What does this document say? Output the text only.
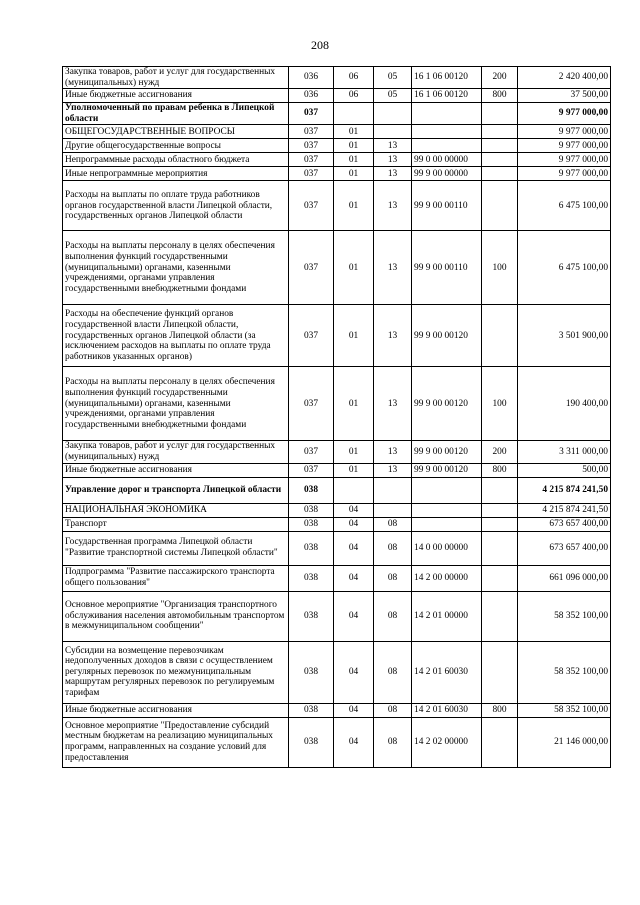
208
Закупка товаров, работ и услуг для государственных (муниципальных) нужд	036	06	05	16 1 06 00120	200	2 420 400,00
Иные бюджетные ассигнования	036	06	05	16 1 06 00120	800	37 500,00
Уполномоченный по правам ребенка в Липецкой области	037					9 977 000,00
ОБЩЕГОСУДАРСТВЕННЫЕ ВОПРОСЫ	037	01				9 977 000,00
Другие общегосударственные вопросы	037	01	13			9 977 000,00
Непрограммные расходы областного бюджета	037	01	13	99 0 00 00000		9 977 000,00
Иные непрограммные мероприятия	037	01	13	99 9 00 00000		9 977 000,00
Расходы на выплаты по оплате труда работников органов государственной власти Липецкой области, государственных органов Липецкой области	037	01	13	99 9 00 00110		6 475 100,00
Расходы на выплаты персоналу в целях обеспечения выполнения функций государственными (муниципальными) органами, казенными учреждениями, органами управления государственными внебюджетными фондами	037	01	13	99 9 00 00110	100	6 475 100,00
Расходы на обеспечение функций органов государственной власти Липецкой области, государственных органов Липецкой области (за исключением расходов на выплаты по оплате труда работников указанных органов)	037	01	13	99 9 00 00120		3 501 900,00
Расходы на выплаты персоналу в целях обеспечения выполнения функций государственными (муниципальными) органами, казенными учреждениями, органами управления государственными внебюджетными фондами	037	01	13	99 9 00 00120	100	190 400,00
Закупка товаров, работ и услуг для государственных (муниципальных) нужд	037	01	13	99 9 00 00120	200	3 311 000,00
Иные бюджетные ассигнования	037	01	13	99 9 00 00120	800	500,00
Управление дорог и транспорта Липецкой области	038					4 215 874 241,50
НАЦИОНАЛЬНАЯ ЭКОНОМИКА	038	04				4 215 874 241,50
Транспорт	038	04	08			673 657 400,00
Государственная программа Липецкой области "Развитие транспортной системы Липецкой области"	038	04	08	14 0 00 00000		673 657 400,00
Подпрограмма "Развитие пассажирского транспорта общего пользования"	038	04	08	14 2 00 00000		661 096 000,00
Основное мероприятие "Организация транспортного обслуживания населения автомобильным транспортом в межмуниципальном сообщении"	038	04	08	14 2 01 00000		58 352 100,00
Субсидии на возмещение перевозчикам недополученных доходов в связи с осуществлением регулярных перевозок по межмуниципальным маршрутам регулярных перевозок по регулируемым тарифам	038	04	08	14 2 01 60030		58 352 100,00
Иные бюджетные ассигнования	038	04	08	14 2 01 60030	800	58 352 100,00
Основное мероприятие "Предоставление субсидий местным бюджетам на реализацию муниципальных программ, направленных на создание условий для предоставления	038	04	08	14 2 02 00000		21 146 000,00
